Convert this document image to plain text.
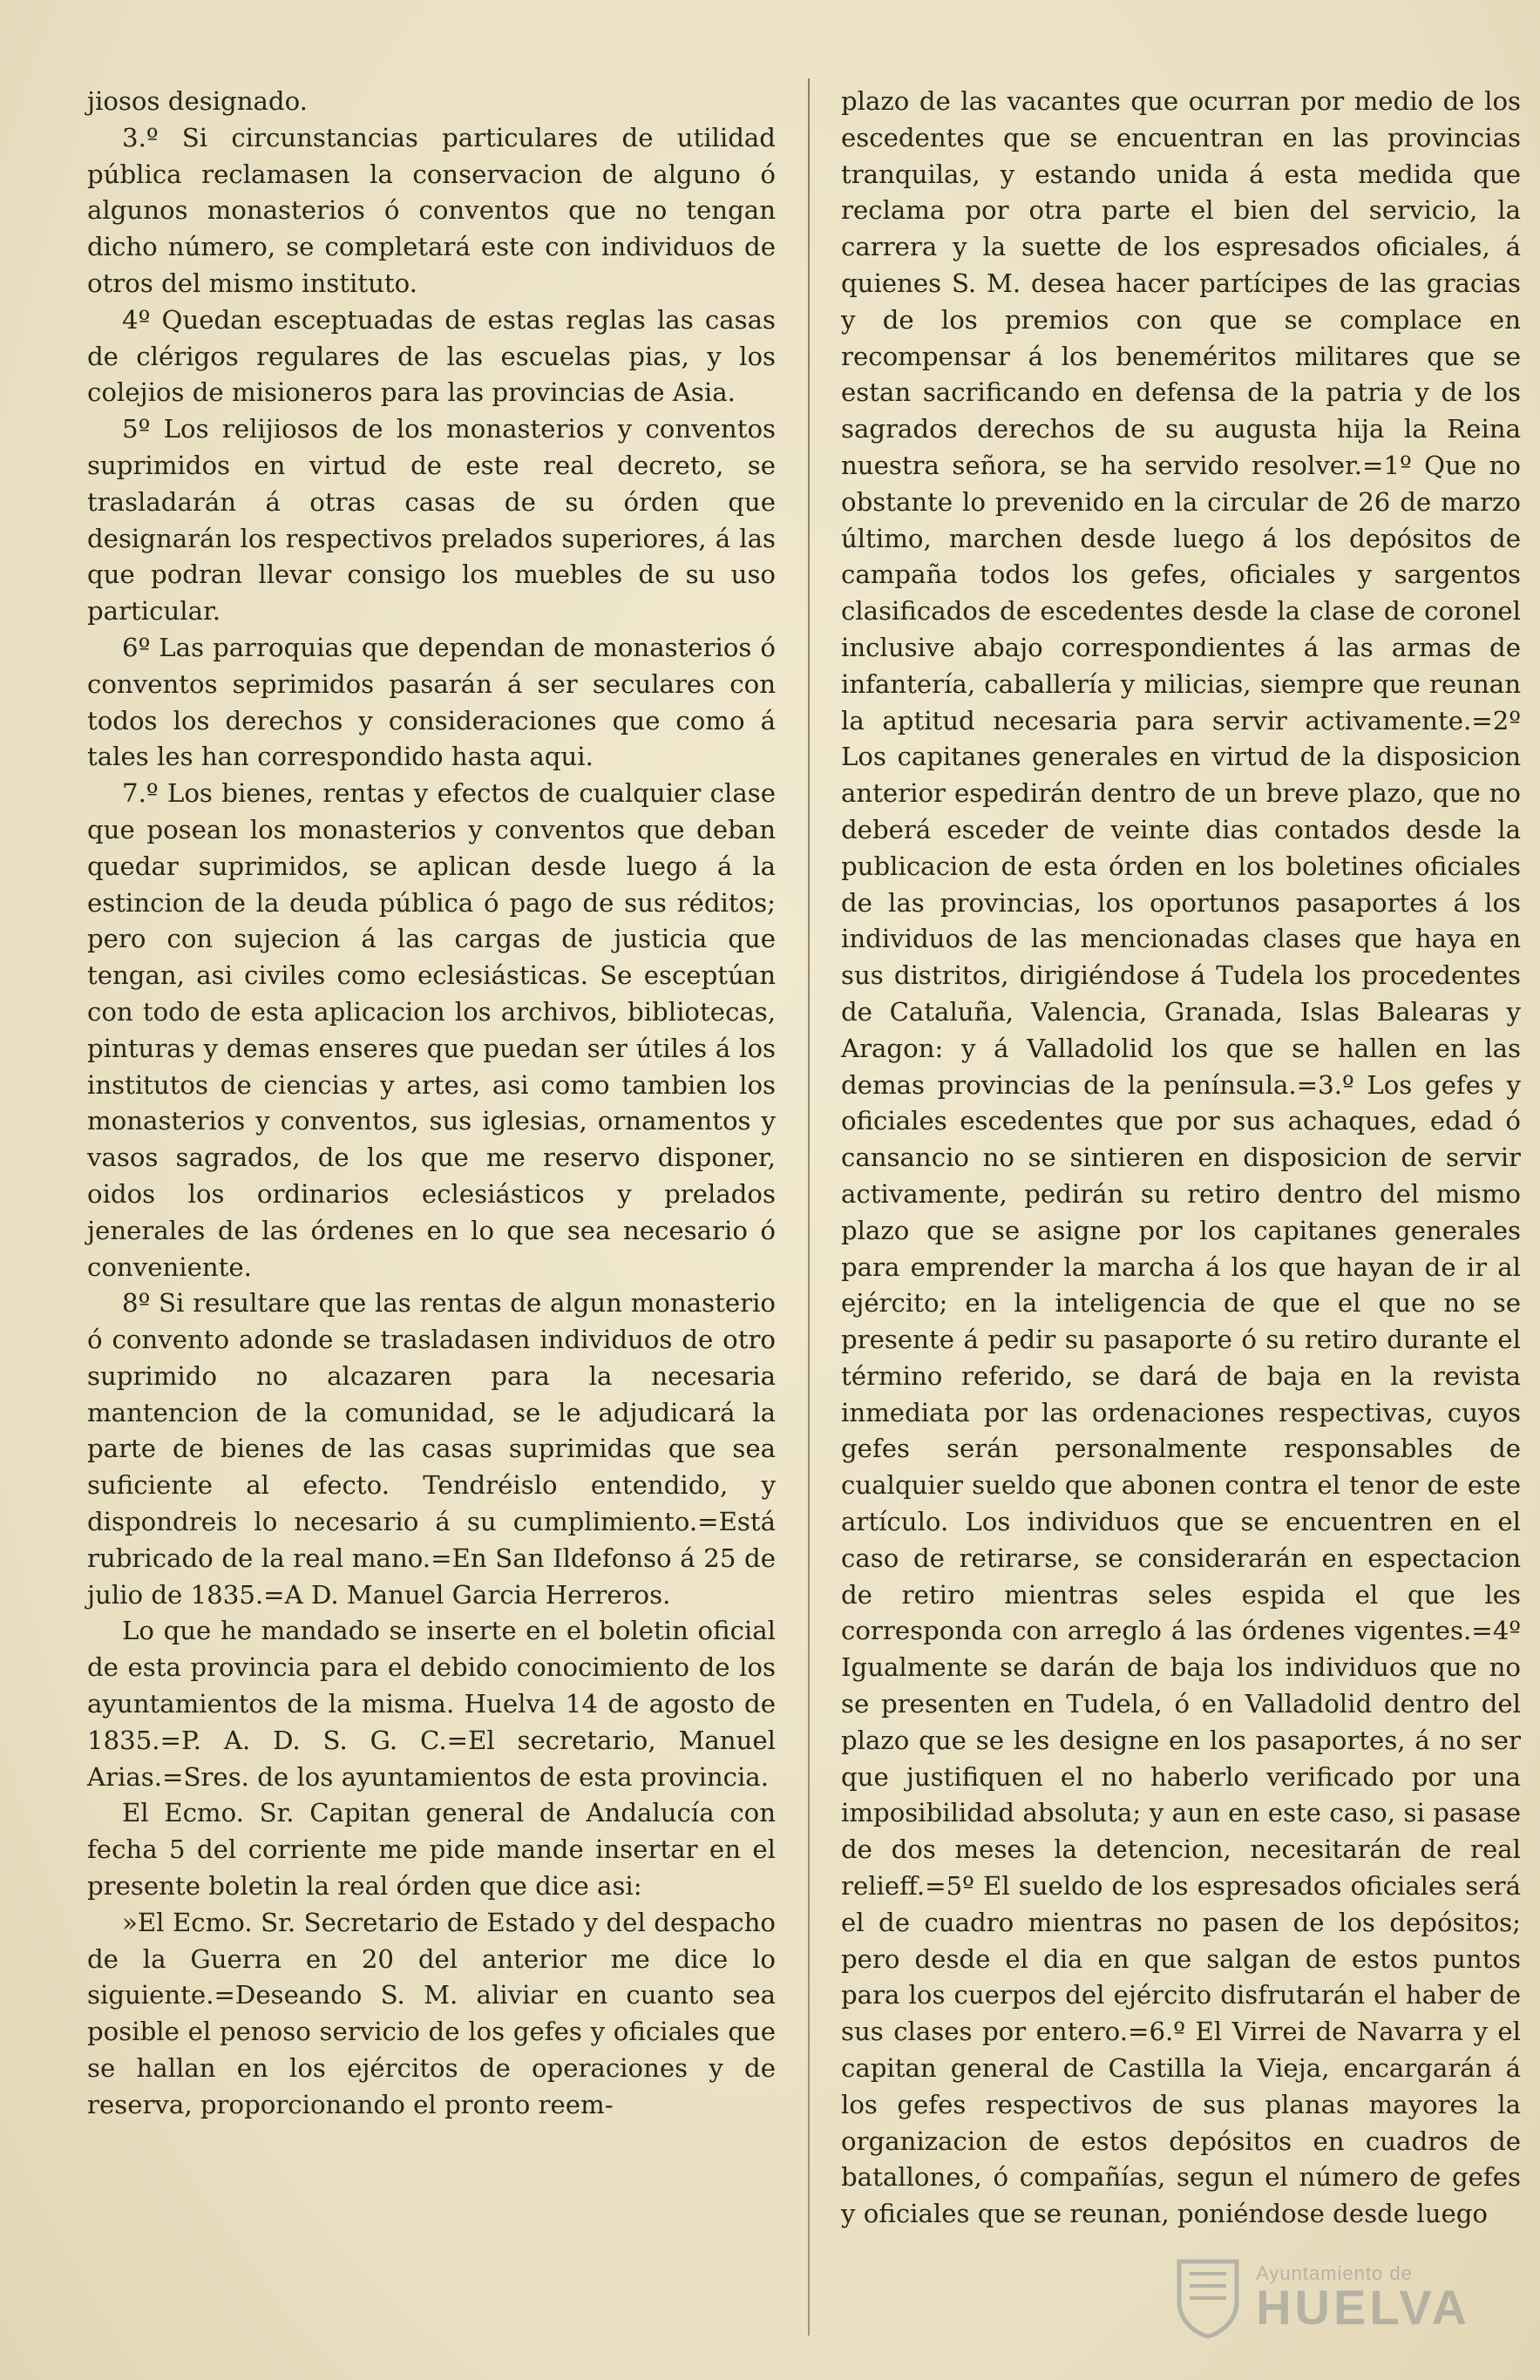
jiosos designado.

3.º Si circunstancias particulares de utilidad pública reclamasen la conservacion de alguno ó algunos monasterios ó conventos que no tengan dicho número, se completará este con individuos de otros del mismo instituto.

4º Quedan esceptuadas de estas reglas las casas de clérigos regulares de las escuelas pias, y los colejios de misioneros para las provincias de Asia.

5º Los relijiosos de los monasterios y conventos suprimidos en virtud de este real decreto, se trasladarán á otras casas de su órden que designarán los respectivos prelados superiores, á las que podran llevar consigo los muebles de su uso particular.

6º Las parroquias que dependan de monasterios ó conventos seprimidos pasarán á ser seculares con todos los derechos y consideraciones que como á tales les han correspondido hasta aqui.

7.º Los bienes, rentas y efectos de cualquier clase que posean los monasterios y conventos que deban quedar suprimidos, se aplican desde luego á la estincion de la deuda pública ó pago de sus réditos; pero con sujecion á las cargas de justicia que tengan, asi civiles como eclesiásticas. Se esceptúan con todo de esta aplicacion los archivos, bibliotecas, pinturas y demas enseres que puedan ser útiles á los institutos de ciencias y artes, asi como tambien los monasterios y conventos, sus iglesias, ornamentos y vasos sagrados, de los que me reservo disponer, oidos los ordinarios eclesiásticos y prelados jenerales de las órdenes en lo que sea necesario ó conveniente.

8º Si resultare que las rentas de algun monasterio ó convento adonde se trasladasen individuos de otro suprimido no alcazaren para la necesaria mantencion de la comunidad, se le adjudicará la parte de bienes de las casas suprimidas que sea suficiente al efecto. Tendréislo entendido, y dispondreis lo necesario á su cumplimiento.=Está rubricado de la real mano.=En San Ildefonso á 25 de julio de 1835.=A D. Manuel Garcia Herreros.

Lo que he mandado se inserte en el boletin oficial de esta provincia para el debido conocimiento de los ayuntamientos de la misma. Huelva 14 de agosto de 1835.=P. A. D. S. G. C.=El secretario, Manuel Arias.=Sres. de los ayuntamientos de esta provincia.

El Ecmo. Sr. Capitan general de Andalucía con fecha 5 del corriente me pide mande insertar en el presente boletin la real órden que dice asi:

»El Ecmo. Sr. Secretario de Estado y del despacho de la Guerra en 20 del anterior me dice lo siguiente.=Deseando S. M. aliviar en cuanto sea posible el penoso servicio de los gefes y oficiales que se hallan en los ejércitos de operaciones y de reserva, proporcionando el pronto reem-

plazo de las vacantes que ocurran por medio de los escedentes que se encuentran en las provincias tranquilas, y estando unida á esta medida que reclama por otra parte el bien del servicio, la carrera y la suette de los espresados oficiales, á quienes S. M. desea hacer partícipes de las gracias y de los premios con que se complace en recompensar á los beneméritos militares que se estan sacrificando en defensa de la patria y de los sagrados derechos de su augusta hija la Reina nuestra señora, se ha servido resolver.=1º Que no obstante lo prevenido en la circular de 26 de marzo último, marchen desde luego á los depósitos de campaña todos los gefes, oficiales y sargentos clasificados de escedentes desde la clase de coronel inclusive abajo correspondientes á las armas de infantería, caballería y milicias, siempre que reunan la aptitud necesaria para servir activamente.=2º Los capitanes generales en virtud de la disposicion anterior espedirán dentro de un breve plazo, que no deberá esceder de veinte dias contados desde la publicacion de esta órden en los boletines oficiales de las provincias, los oportunos pasaportes á los individuos de las mencionadas clases que haya en sus distritos, dirigiéndose á Tudela los procedentes de Cataluña, Valencia, Granada, Islas Balearas y Aragon: y á Valladolid los que se hallen en las demas provincias de la península.=3.º Los gefes y oficiales escedentes que por sus achaques, edad ó cansancio no se sintieren en disposicion de servir activamente, pedirán su retiro dentro del mismo plazo que se asigne por los capitanes generales para emprender la marcha á los que hayan de ir al ejército; en la inteligencia de que el que no se presente á pedir su pasaporte ó su retiro durante el término referido, se dará de baja en la revista inmediata por las ordenaciones respectivas, cuyos gefes serán personalmente responsables de cualquier sueldo que abonen contra el tenor de este artículo. Los individuos que se encuentren en el caso de retirarse, se considerarán en espectacion de retiro mientras seles espida el que les corresponda con arreglo á las órdenes vigentes.=4º Igualmente se darán de baja los individuos que no se presenten en Tudela, ó en Valladolid dentro del plazo que se les designe en los pasaportes, á no ser que justifiquen el no haberlo verificado por una imposibilidad absoluta; y aun en este caso, si pasase de dos meses la detencion, necesitarán de real relieff.=5º El sueldo de los espresados oficiales será el de cuadro mientras no pasen de los depósitos; pero desde el dia en que salgan de estos puntos para los cuerpos del ejército disfrutarán el haber de sus clases por entero.=6.º El Virrei de Navarra y el capitan general de Castilla la Vieja, encargarán á los gefes respectivos de sus planas mayores la organizacion de estos depósitos en cuadros de batallones, ó compañías, segun el número de gefes y oficiales que se reunan, poniéndose desde luego

Ayuntamiento de
HUELVA
